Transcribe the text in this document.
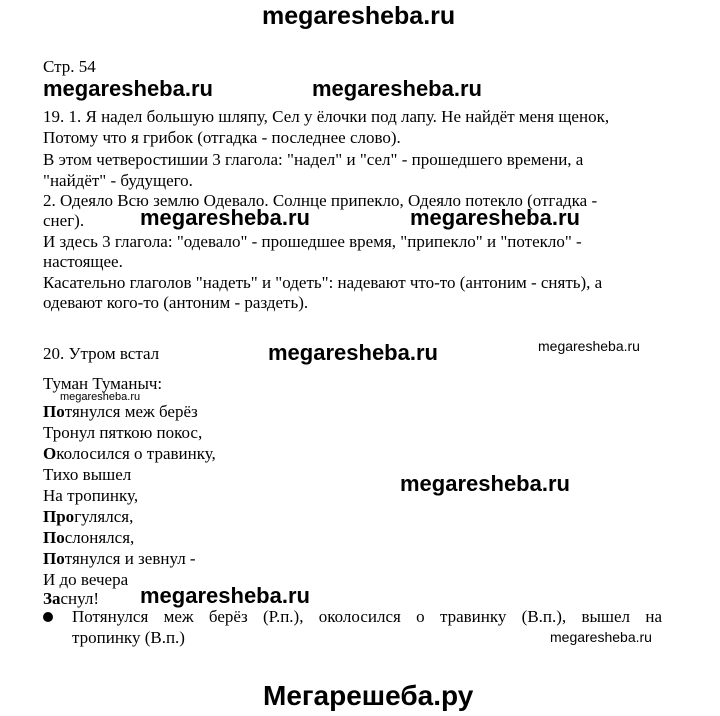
megaresheba.ru
Стр. 54
megaresheba.ru	megaresheba.ru
19. 1. Я надел большую шляпу, Сел у ёлочки под лапу. Не найдёт меня щенок,
Потому что я грибок (отгадка - последнее слово).
В этом четверостишии 3 глагола: "надел" и "сел" - прошедшего времени, а
"найдёт" - будущего.
2. Одеяло Всю землю Одевало. Солнце припекло, Одеяло потекло (отгадка -
снег).	megaresheba.ru	megaresheba.ru
И здесь 3 глагола: "одевало" - прошедшее время, "припекло" и "потекло" -
настоящее.
Касательно глаголов "надеть" и "одеть": надевают что-то (антоним - снять), а
одевают кого-то (антоним - раздеть).
20. Утром встал	megaresheba.ru	megaresheba.ru
Туман Туманыч:
megaresheba.ru
Потянулся меж берёз
Тронул пяткою покос,
Околосился о травинку,
Тихо вышел	megaresheba.ru
На тропинку,
Прогулялся,
Послонялся,
Потянулся и зевнул -
И до вечера
Заснул! megaresheba.ru
Потянулся меж берёз (Р.п.), околосился о травинку (В.п.), вышел на
тропинку (В.п.)	megaresheba.ru
Мегарешеба.ру
